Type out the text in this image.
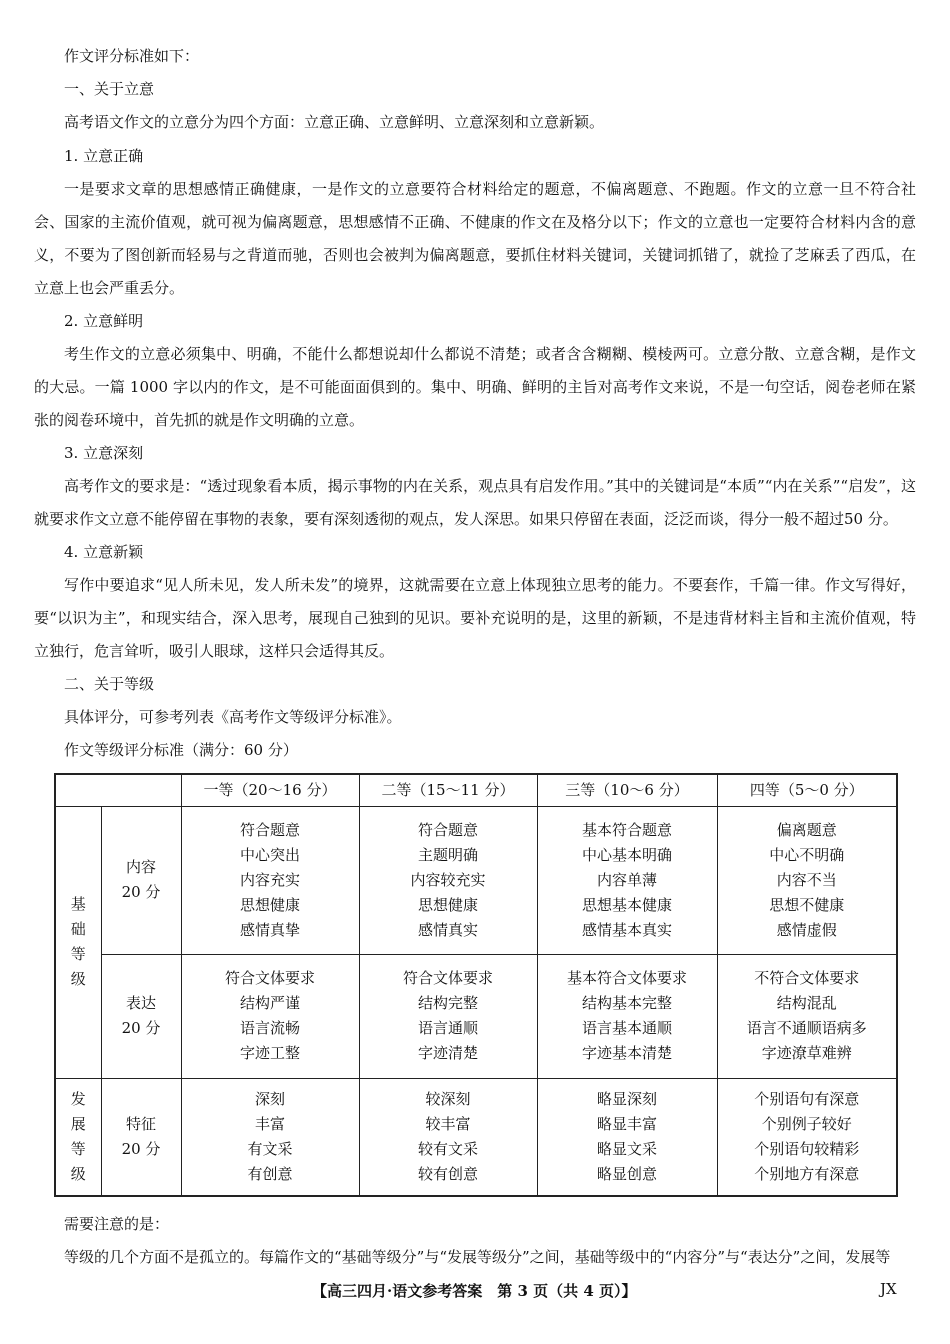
作文评分标准如下：
一、关于立意
高考语文作文的立意分为四个方面：立意正确、立意鲜明、立意深刻和立意新颖。
1. 立意正确

一是要求文章的思想感情正确健康，一是作文的立意要符合材料给定的题意，不偏离题意、不跑题。作文的立意一旦不符合社会、国家的主流价值观，就可视为偏离题意，思想感情不正确、不健康的作文在及格分以下；作文的立意也一定要符合材料内含的意义，不要为了图创新而轻易与之背道而驰，否则也会被判为偏离题意，要抓住材料关键词，关键词抓错了，就捡了芝麻丢了西瓜，在立意上也会严重丢分。

2. 立意鲜明

考生作文的立意必须集中、明确，不能什么都想说却什么都说不清楚；或者含含糊糊、模棱两可。立意分散、立意含糊，是作文的大忌。一篇 1000 字以内的作文，是不可能面面俱到的。集中、明确、鲜明的主旨对高考作文来说，不是一句空话，阅卷老师在紧张的阅卷环境中，首先抓的就是作文明确的立意。

3. 立意深刻

高考作文的要求是：“透过现象看本质，揭示事物的内在关系，观点具有启发作用。”其中的关键词是“本质”“内在关系”“启发”，这就要求作文立意不能停留在事物的表象，要有深刻透彻的观点，发人深思。如果只停留在表面，泛泛而谈，得分一般不超过50 分。

4. 立意新颖

写作中要追求“见人所未见，发人所未发”的境界，这就需要在立意上体现独立思考的能力。不要套作，千篇一律。作文写得好，要“以识为主”，和现实结合，深入思考，展现自己独到的见识。要补充说明的是，这里的新颖，不是违背材料主旨和主流价值观，特立独行，危言耸听，吸引人眼球，这样只会适得其反。

二、关于等级
具体评分，可参考列表《高考作文等级评分标准》。
作文等级评分标准（满分：60 分）
		一等（20～16 分）	二等（15～11 分）	三等（10～6 分）	四等（5～0 分）

基
础
等
级	内容
20 分	符合题意
中心突出
内容充实
思想健康
感情真挚	符合题意
主题明确
内容较充实
思想健康
感情真实	基本符合题意
中心基本明确
内容单薄
思想基本健康
感情基本真实	偏离题意
中心不明确
内容不当
思想不健康
感情虚假

	表达
20 分	符合文体要求
结构严谨
语言流畅
字迹工整	符合文体要求
结构完整
语言通顺
字迹清楚	基本符合文体要求
结构基本完整
语言基本通顺
字迹基本清楚	不符合文体要求
结构混乱
语言不通顺语病多
字迹潦草难辨

发
展
等
级	特征
20 分	深刻
丰富
有文采
有创意	较深刻
较丰富
较有文采
较有创意	略显深刻
略显丰富
略显文采
略显创意	个别语句有深意
个别例子较好
个别语句较精彩
个别地方有深意
需要注意的是：
等级的几个方面不是孤立的。每篇作文的“基础等级分”与“发展等级分”之间，基础等级中的“内容分”与“表达分”之间，发展等
【高三四月·语文参考答案　第 3 页（共 4 页）】	JX
